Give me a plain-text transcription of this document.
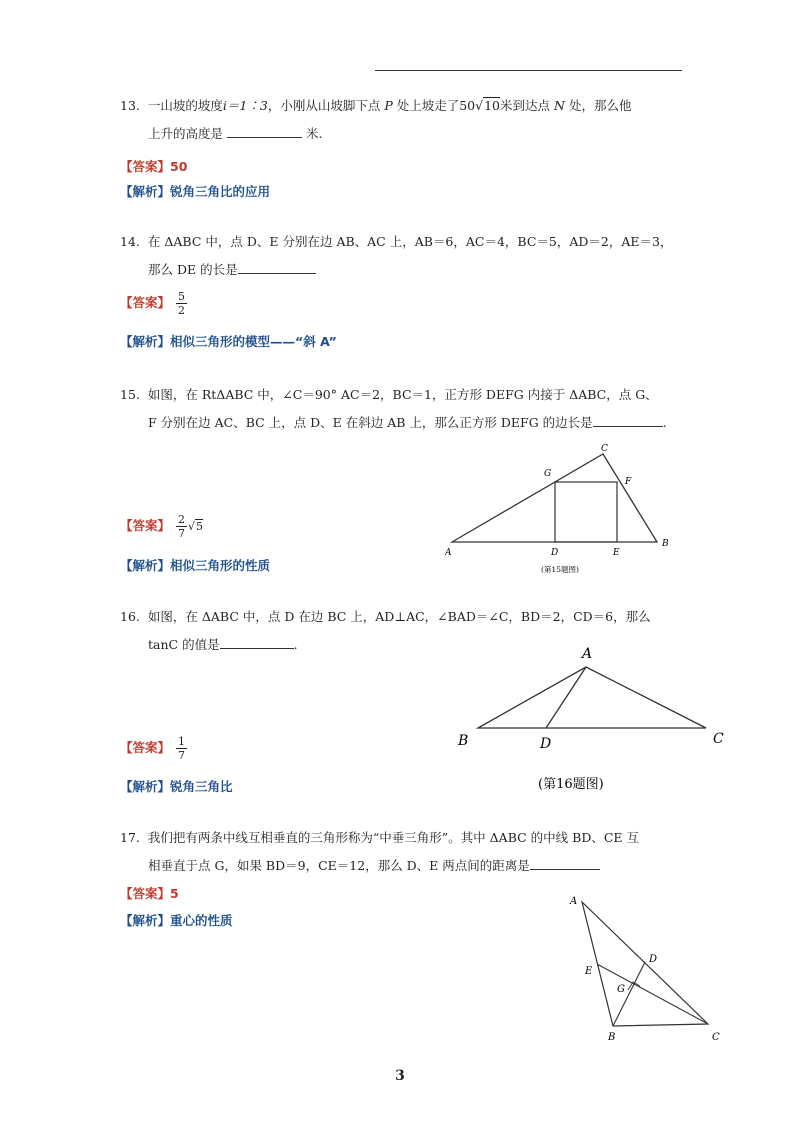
13. 一山坡的坡度i＝1∶3，小刚从山坡脚下点 P 处上坡走了50√10米到达点 N 处，那么他
上升的高度是	米.
【答案】50
【解析】锐角三角比的应用
14. 在 ΔABC 中，点 D、E 分别在边 AB、AC 上，AB＝6，AC＝4，BC＝5，AD＝2，AE＝3，
那么 DE 的长是
【答案】 $\frac{5}{2}$
【解析】相似三角形的模型——“斜 A”
15. 如图，在 RtΔABC 中，∠C＝90° AC＝2，BC＝1，正方形 DEFG 内接于 ΔABC，点 G、
F 分别在边 AC、BC 上，点 D、E 在斜边 AB 上，那么正方形 DEFG 的边长是	.
A
B
C
D	E
F
G
(第15题图)
【答案】 $\frac{2}{7} √5$
【解析】相似三角形的性质
16. 如图，在 ΔABC 中，点 D 在边 BC 上，AD⊥AC，∠BAD＝∠C，BD＝2，CD＝6，那么
tanC 的值是	.
A
B	C
D
(第16题图)
【答案】 $\frac{1}{7}$
【解析】锐角三角比
17. 我们把有两条中线互相垂直的三角形称为“中垂三角形”。其中 ΔABC 的中线 BD、CE 互
相垂直于点 G，如果 BD＝9，CE＝12，那么 D、E 两点间的距离是
【答案】5
【解析】重心的性质
A
B	C
D
E
G
3
